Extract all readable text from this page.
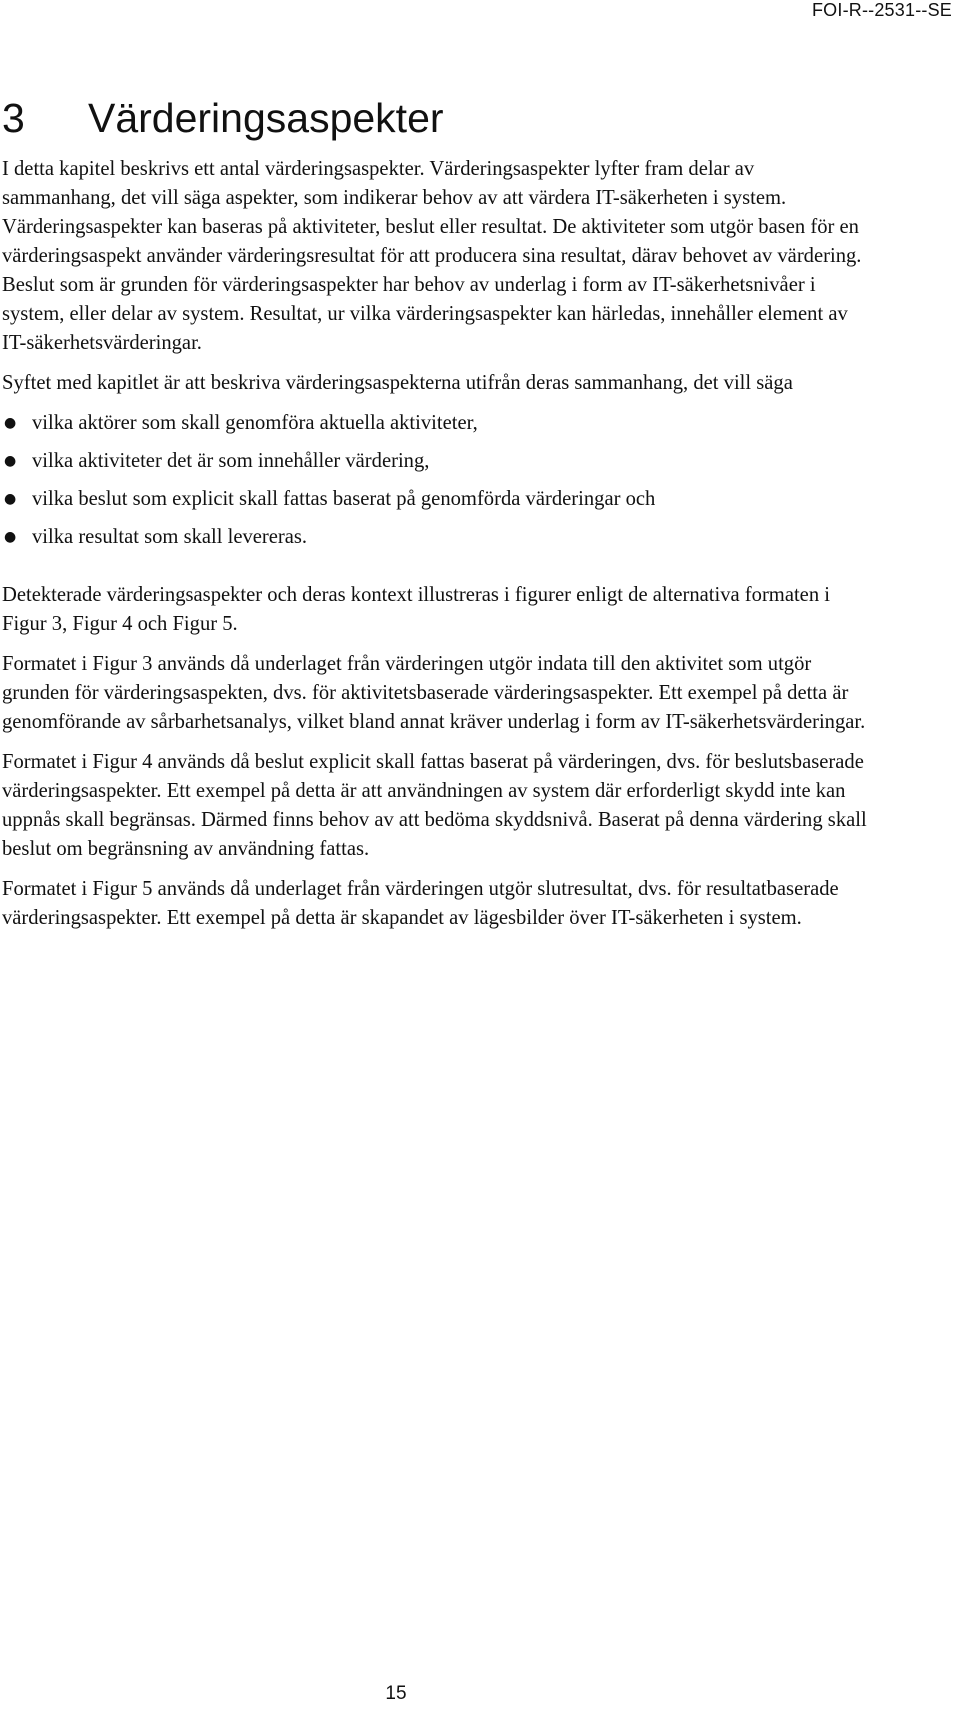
FOI-R--2531--SE
3 Värderingsaspekter

I detta kapitel beskrivs ett antal värderingsaspekter. Värderingsaspekter lyfter fram delar av sammanhang, det vill säga aspekter, som indikerar behov av att värdera IT-säkerheten i system. Värderingsaspekter kan baseras på aktiviteter, beslut eller resultat. De aktiviteter som utgör basen för en värderingsaspekt använder värderingsresultat för att producera sina resultat, därav behovet av värdering. Beslut som är grunden för värderingsaspekter har behov av underlag i form av IT-säkerhetsnivåer i system, eller delar av system. Resultat, ur vilka värderingsaspekter kan härledas, innehåller element av IT-säkerhetsvärderingar.

Syftet med kapitlet är att beskriva värderingsaspekterna utifrån deras sammanhang, det vill säga

● vilka aktörer som skall genomföra aktuella aktiviteter,
● vilka aktiviteter det är som innehåller värdering,
● vilka beslut som explicit skall fattas baserat på genomförda värderingar och
● vilka resultat som skall levereras.

Detekterade värderingsaspekter och deras kontext illustreras i figurer enligt de alternativa formaten i Figur 3, Figur 4 och Figur 5.

Formatet i Figur 3 används då underlaget från värderingen utgör indata till den aktivitet som utgör grunden för värderingsaspekten, dvs. för aktivitetsbaserade värderingsaspekter. Ett exempel på detta är genomförande av sårbarhetsanalys, vilket bland annat kräver underlag i form av IT-säkerhetsvärderingar.

Formatet i Figur 4 används då beslut explicit skall fattas baserat på värderingen, dvs. för beslutsbaserade värderingsaspekter. Ett exempel på detta är att användningen av system där erforderligt skydd inte kan uppnås skall begränsas. Därmed finns behov av att bedöma skyddsnivå. Baserat på denna värdering skall beslut om begränsning av användning fattas.

Formatet i Figur 5 används då underlaget från värderingen utgör slutresultat, dvs. för resultatbaserade värderingsaspekter. Ett exempel på detta är skapandet av lägesbilder över IT-säkerheten i system.

15
